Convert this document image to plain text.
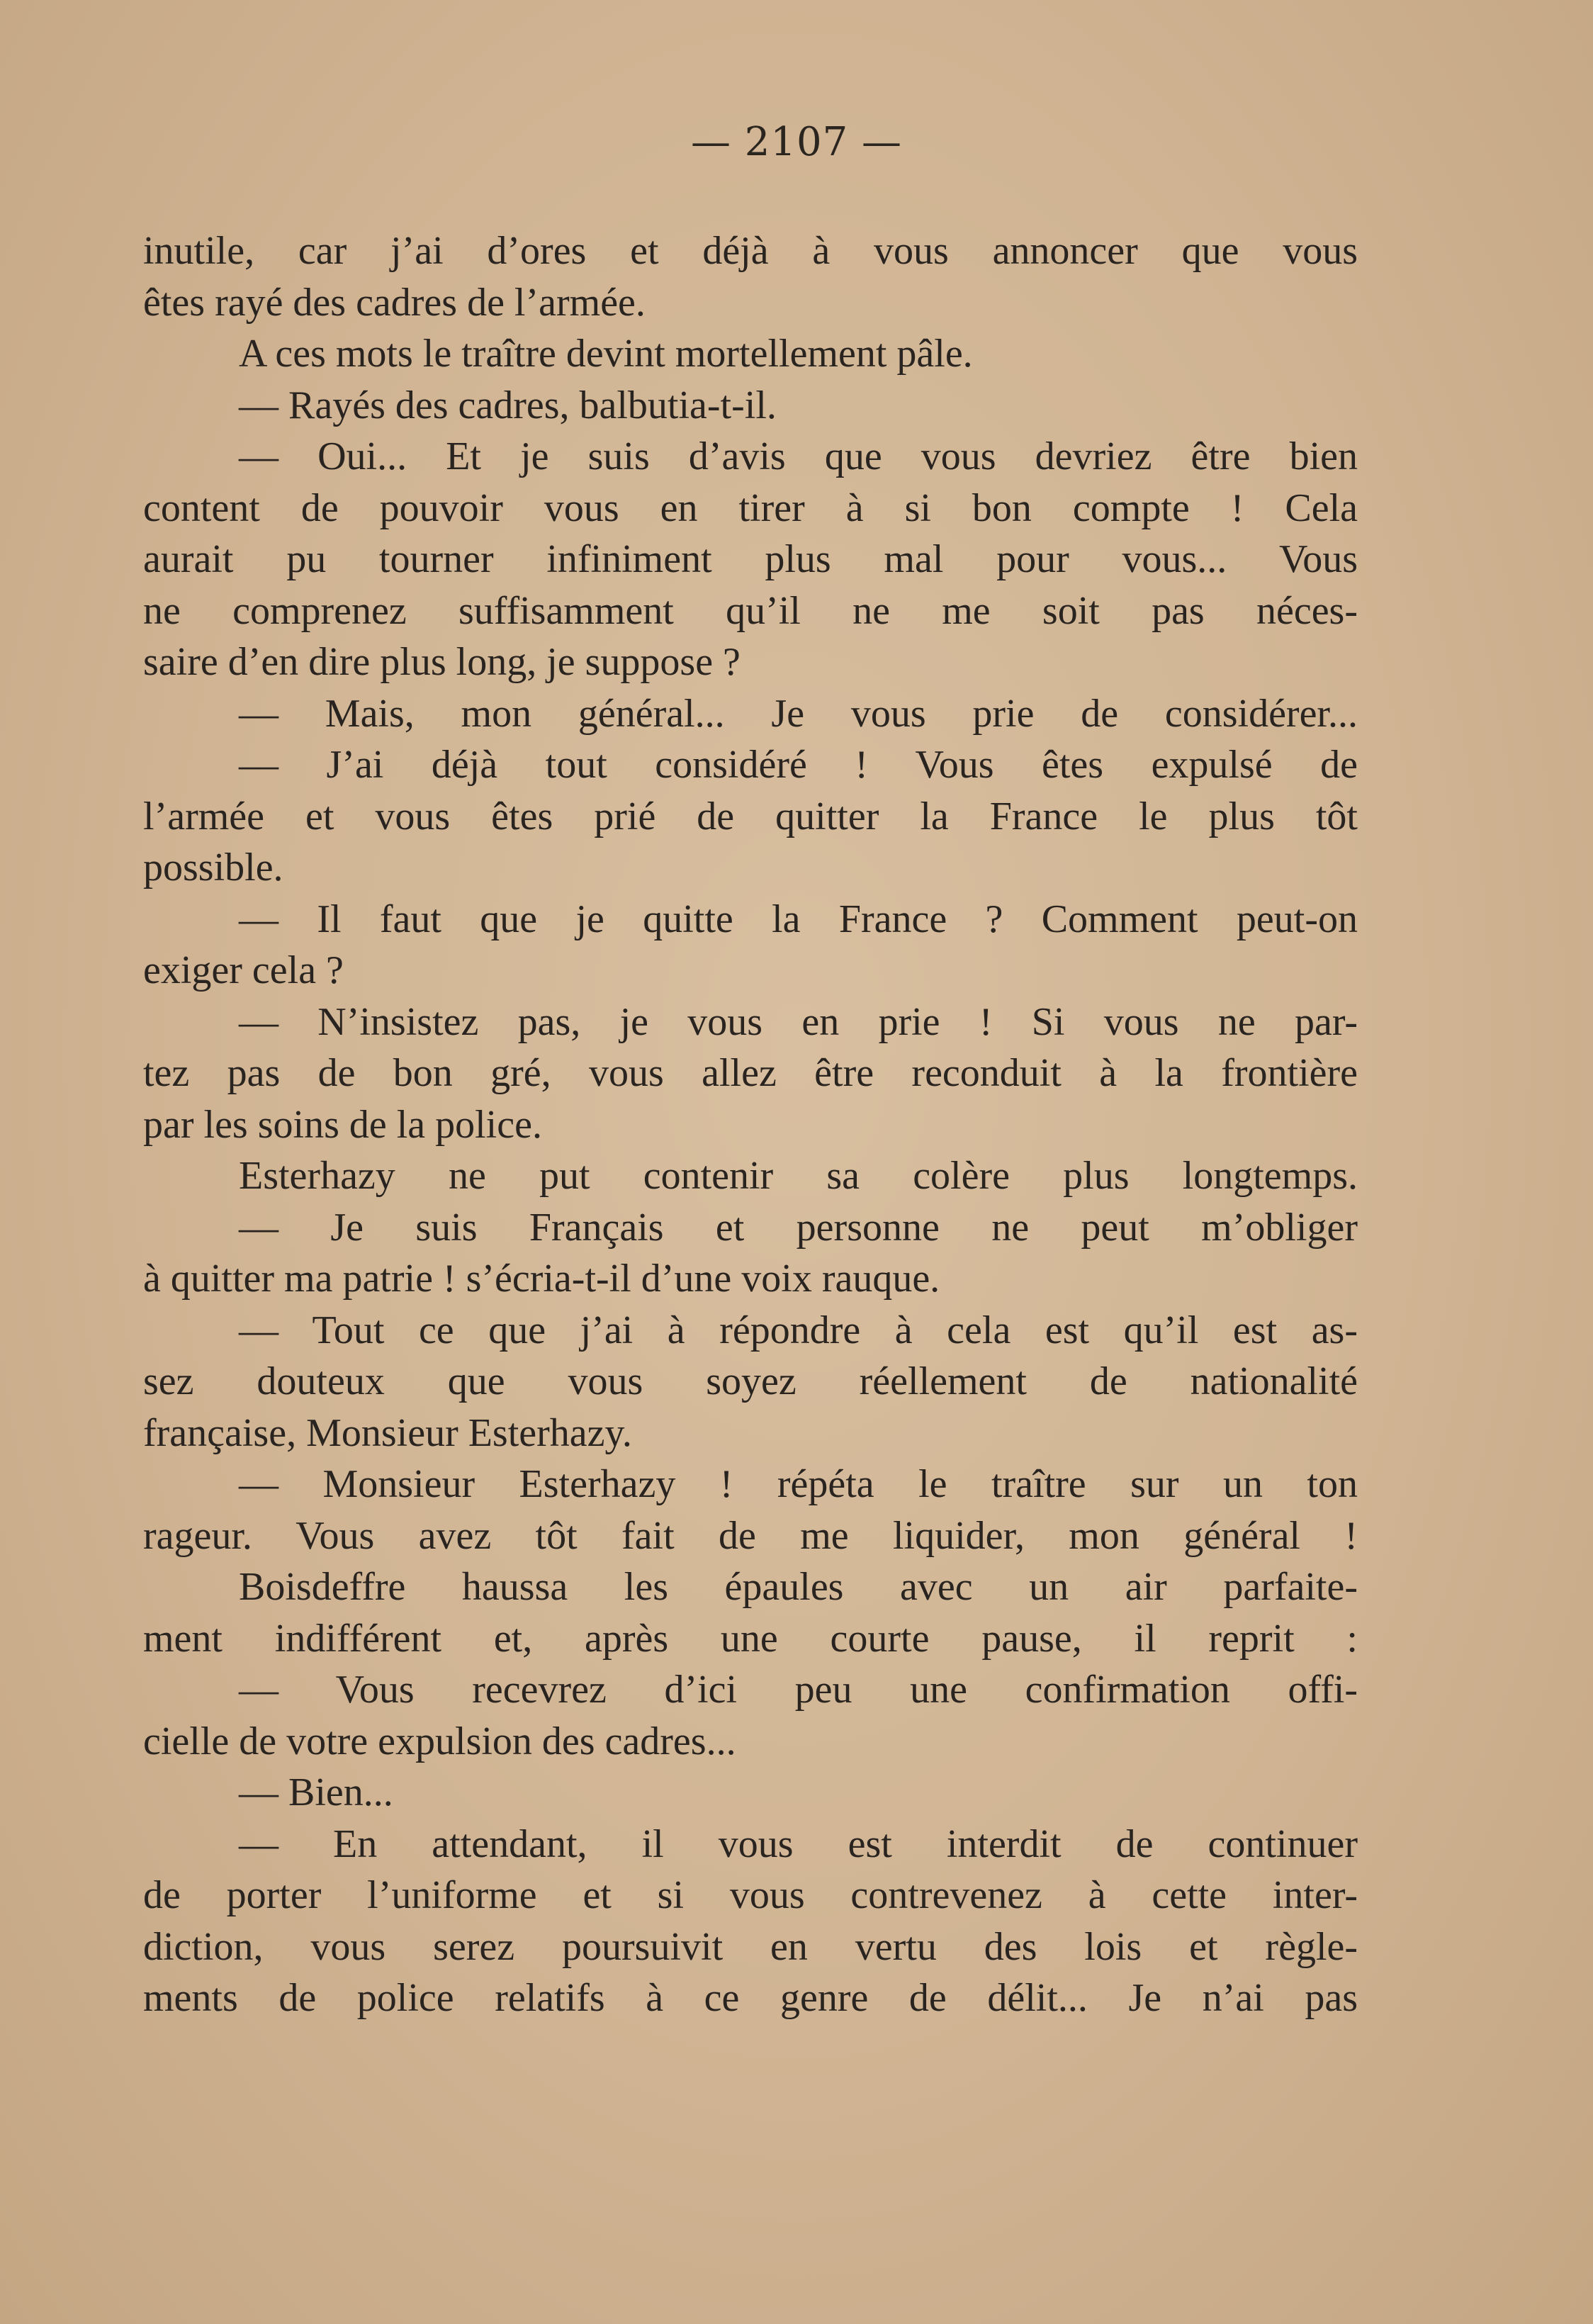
— 2107 —
inutile, car j’ai d’ores et déjà à vous annoncer que vous
êtes rayé des cadres de l’armée.
A ces mots le traître devint mortellement pâle.
— Rayés des cadres, balbutia-t-il.
— Oui... Et je suis d’avis que vous devriez être bien
content de pouvoir vous en tirer à si bon compte ! Cela
aurait pu tourner infiniment plus mal pour vous... Vous
ne comprenez suffisamment qu’il ne me soit pas néces-
saire d’en dire plus long, je suppose ?
— Mais, mon général... Je vous prie de considérer...
— J’ai déjà tout considéré ! Vous êtes expulsé de
l’armée et vous êtes prié de quitter la France le plus tôt
possible.
— Il faut que je quitte la France ? Comment peut-on
exiger cela ?
— N’insistez pas, je vous en prie ! Si vous ne par-
tez pas de bon gré, vous allez être reconduit à la frontière
par les soins de la police.
Esterhazy ne put contenir sa colère plus longtemps.
— Je suis Français et personne ne peut m’obliger
à quitter ma patrie ! s’écria-t-il d’une voix rauque.
— Tout ce que j’ai à répondre à cela est qu’il est as-
sez douteux que vous soyez réellement de nationalité
française, Monsieur Esterhazy.
— Monsieur Esterhazy ! répéta le traître sur un ton
rageur. Vous avez tôt fait de me liquider, mon général !
Boisdeffre haussa les épaules avec un air parfaite-
ment indifférent et, après une courte pause, il reprit :
— Vous recevrez d’ici peu une confirmation offi-
cielle de votre expulsion des cadres...
— Bien...
— En attendant, il vous est interdit de continuer
de porter l’uniforme et si vous contrevenez à cette inter-
diction, vous serez poursuivit en vertu des lois et règle-
ments de police relatifs à ce genre de délit... Je n’ai pas
